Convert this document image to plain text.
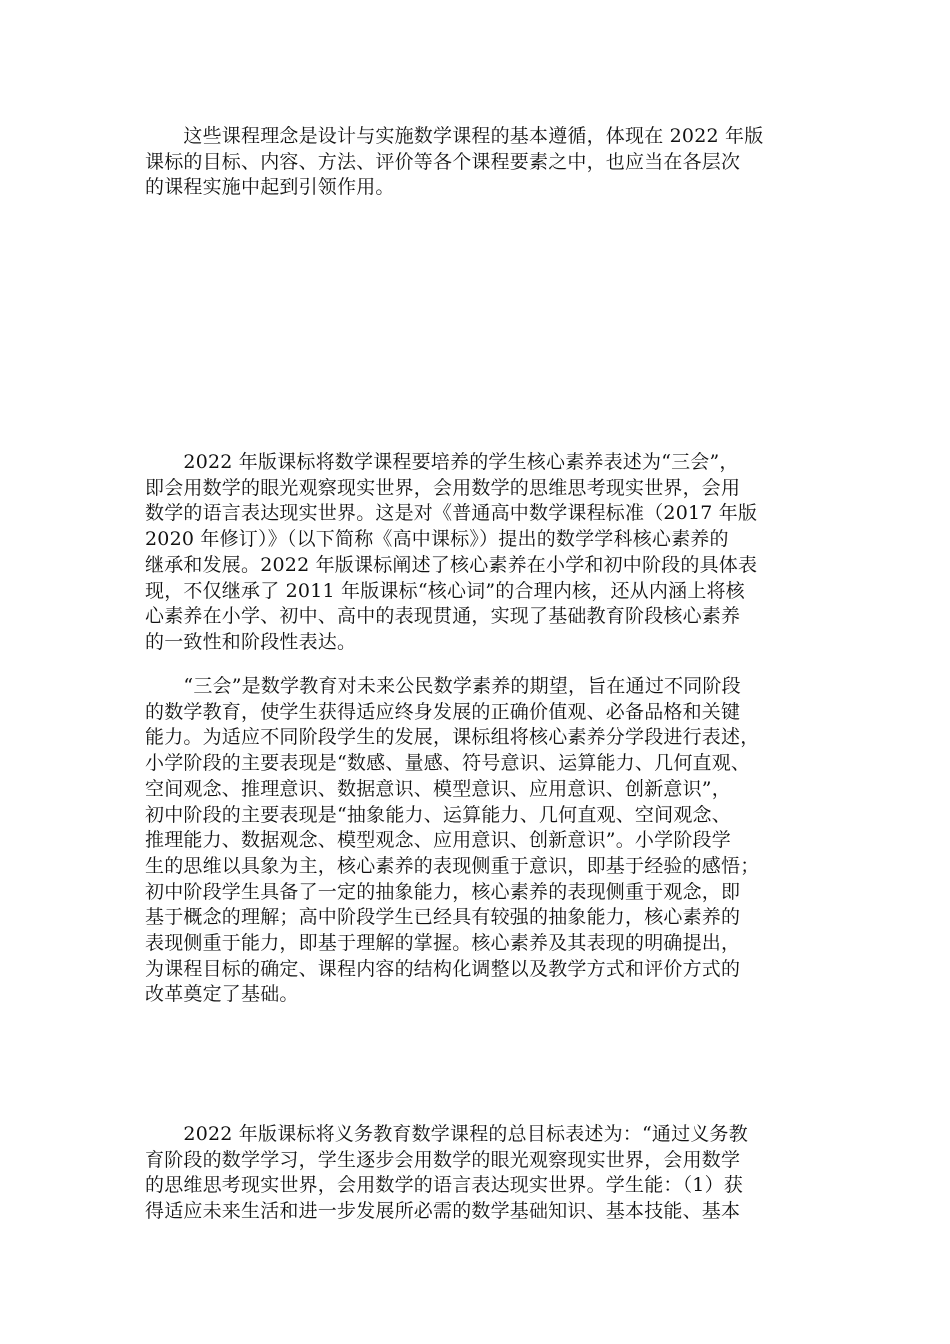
　　这些课程理念是设计与实施数学课程的基本遵循，体现在 2022 年版
课标的目标、内容、方法、评价等各个课程要素之中，也应当在各层次
的课程实施中起到引领作用。

　　2022 年版课标将数学课程要培养的学生核心素养表述为“三会”，
即会用数学的眼光观察现实世界，会用数学的思维思考现实世界，会用
数学的语言表达现实世界。这是对《普通高中数学课程标准（2017 年版
2020 年修订）》（以下简称《高中课标》）提出的数学学科核心素养的
继承和发展。2022 年版课标阐述了核心素养在小学和初中阶段的具体表
现，不仅继承了 2011 年版课标“核心词”的合理内核，还从内涵上将核
心素养在小学、初中、高中的表现贯通，实现了基础教育阶段核心素养
的一致性和阶段性表达。

　　“三会”是数学教育对未来公民数学素养的期望，旨在通过不同阶段
的数学教育，使学生获得适应终身发展的正确价值观、必备品格和关键
能力。为适应不同阶段学生的发展，课标组将核心素养分学段进行表述，
小学阶段的主要表现是“数感、量感、符号意识、运算能力、几何直观、
空间观念、推理意识、数据意识、模型意识、应用意识、创新意识”，
初中阶段的主要表现是“抽象能力、运算能力、几何直观、空间观念、
推理能力、数据观念、模型观念、应用意识、创新意识”。小学阶段学
生的思维以具象为主，核心素养的表现侧重于意识，即基于经验的感悟；
初中阶段学生具备了一定的抽象能力，核心素养的表现侧重于观念，即
基于概念的理解；高中阶段学生已经具有较强的抽象能力，核心素养的
表现侧重于能力，即基于理解的掌握。核心素养及其表现的明确提出，
为课程目标的确定、课程内容的结构化调整以及教学方式和评价方式的
改革奠定了基础。

　　2022 年版课标将义务教育数学课程的总目标表述为：“通过义务教
育阶段的数学学习，学生逐步会用数学的眼光观察现实世界，会用数学
的思维思考现实世界，会用数学的语言表达现实世界。学生能：（1）获
得适应未来生活和进一步发展所必需的数学基础知识、基本技能、基本
